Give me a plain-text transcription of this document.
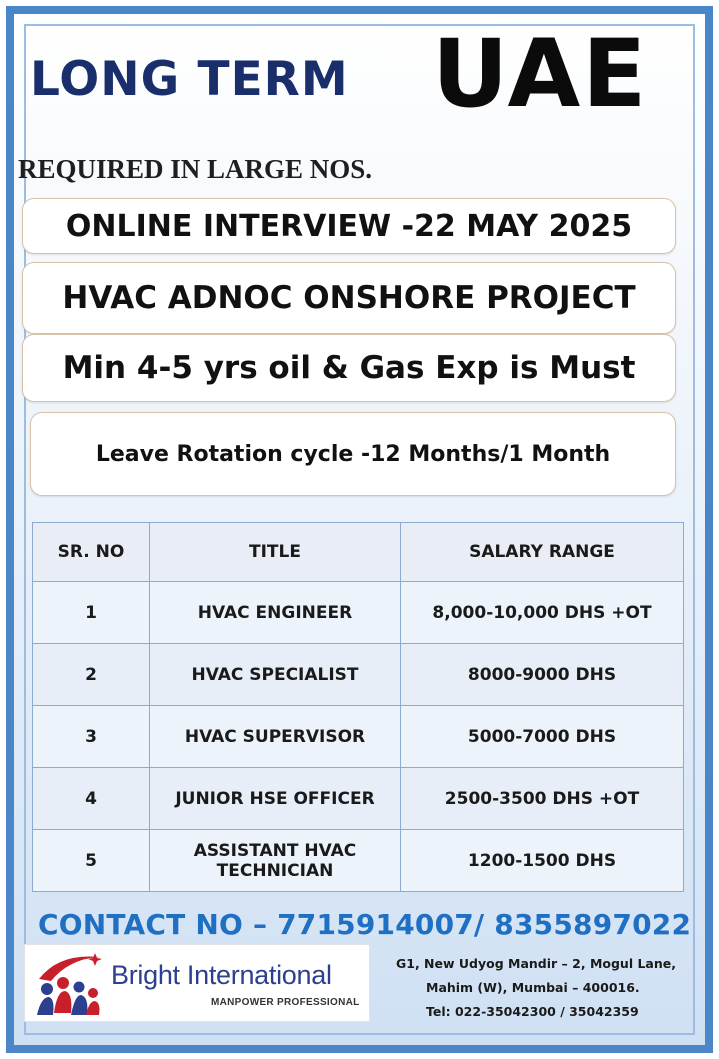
LONG TERM UAE
REQUIRED IN LARGE NOS.
ONLINE INTERVIEW -22 MAY 2025
HVAC ADNOC ONSHORE PROJECT
Min 4-5 yrs oil & Gas Exp is Must
Leave Rotation cycle -12 Months/1 Month
SR. NO	TITLE	SALARY RANGE
1	HVAC ENGINEER	8,000-10,000 DHS +OT
2	HVAC SPECIALIST	8000-9000 DHS
3	HVAC SUPERVISOR	5000-7000 DHS
4	JUNIOR HSE OFFICER	2500-3500 DHS +OT
5	ASSISTANT HVAC TECHNICIAN	1200-1500 DHS
CONTACT NO – 7715914007/ 8355897022
Bright International
MANPOWER PROFESSIONAL
G1, New Udyog Mandir – 2, Mogul Lane,
Mahim (W), Mumbai – 400016.
Tel: 022-35042300 / 35042359
